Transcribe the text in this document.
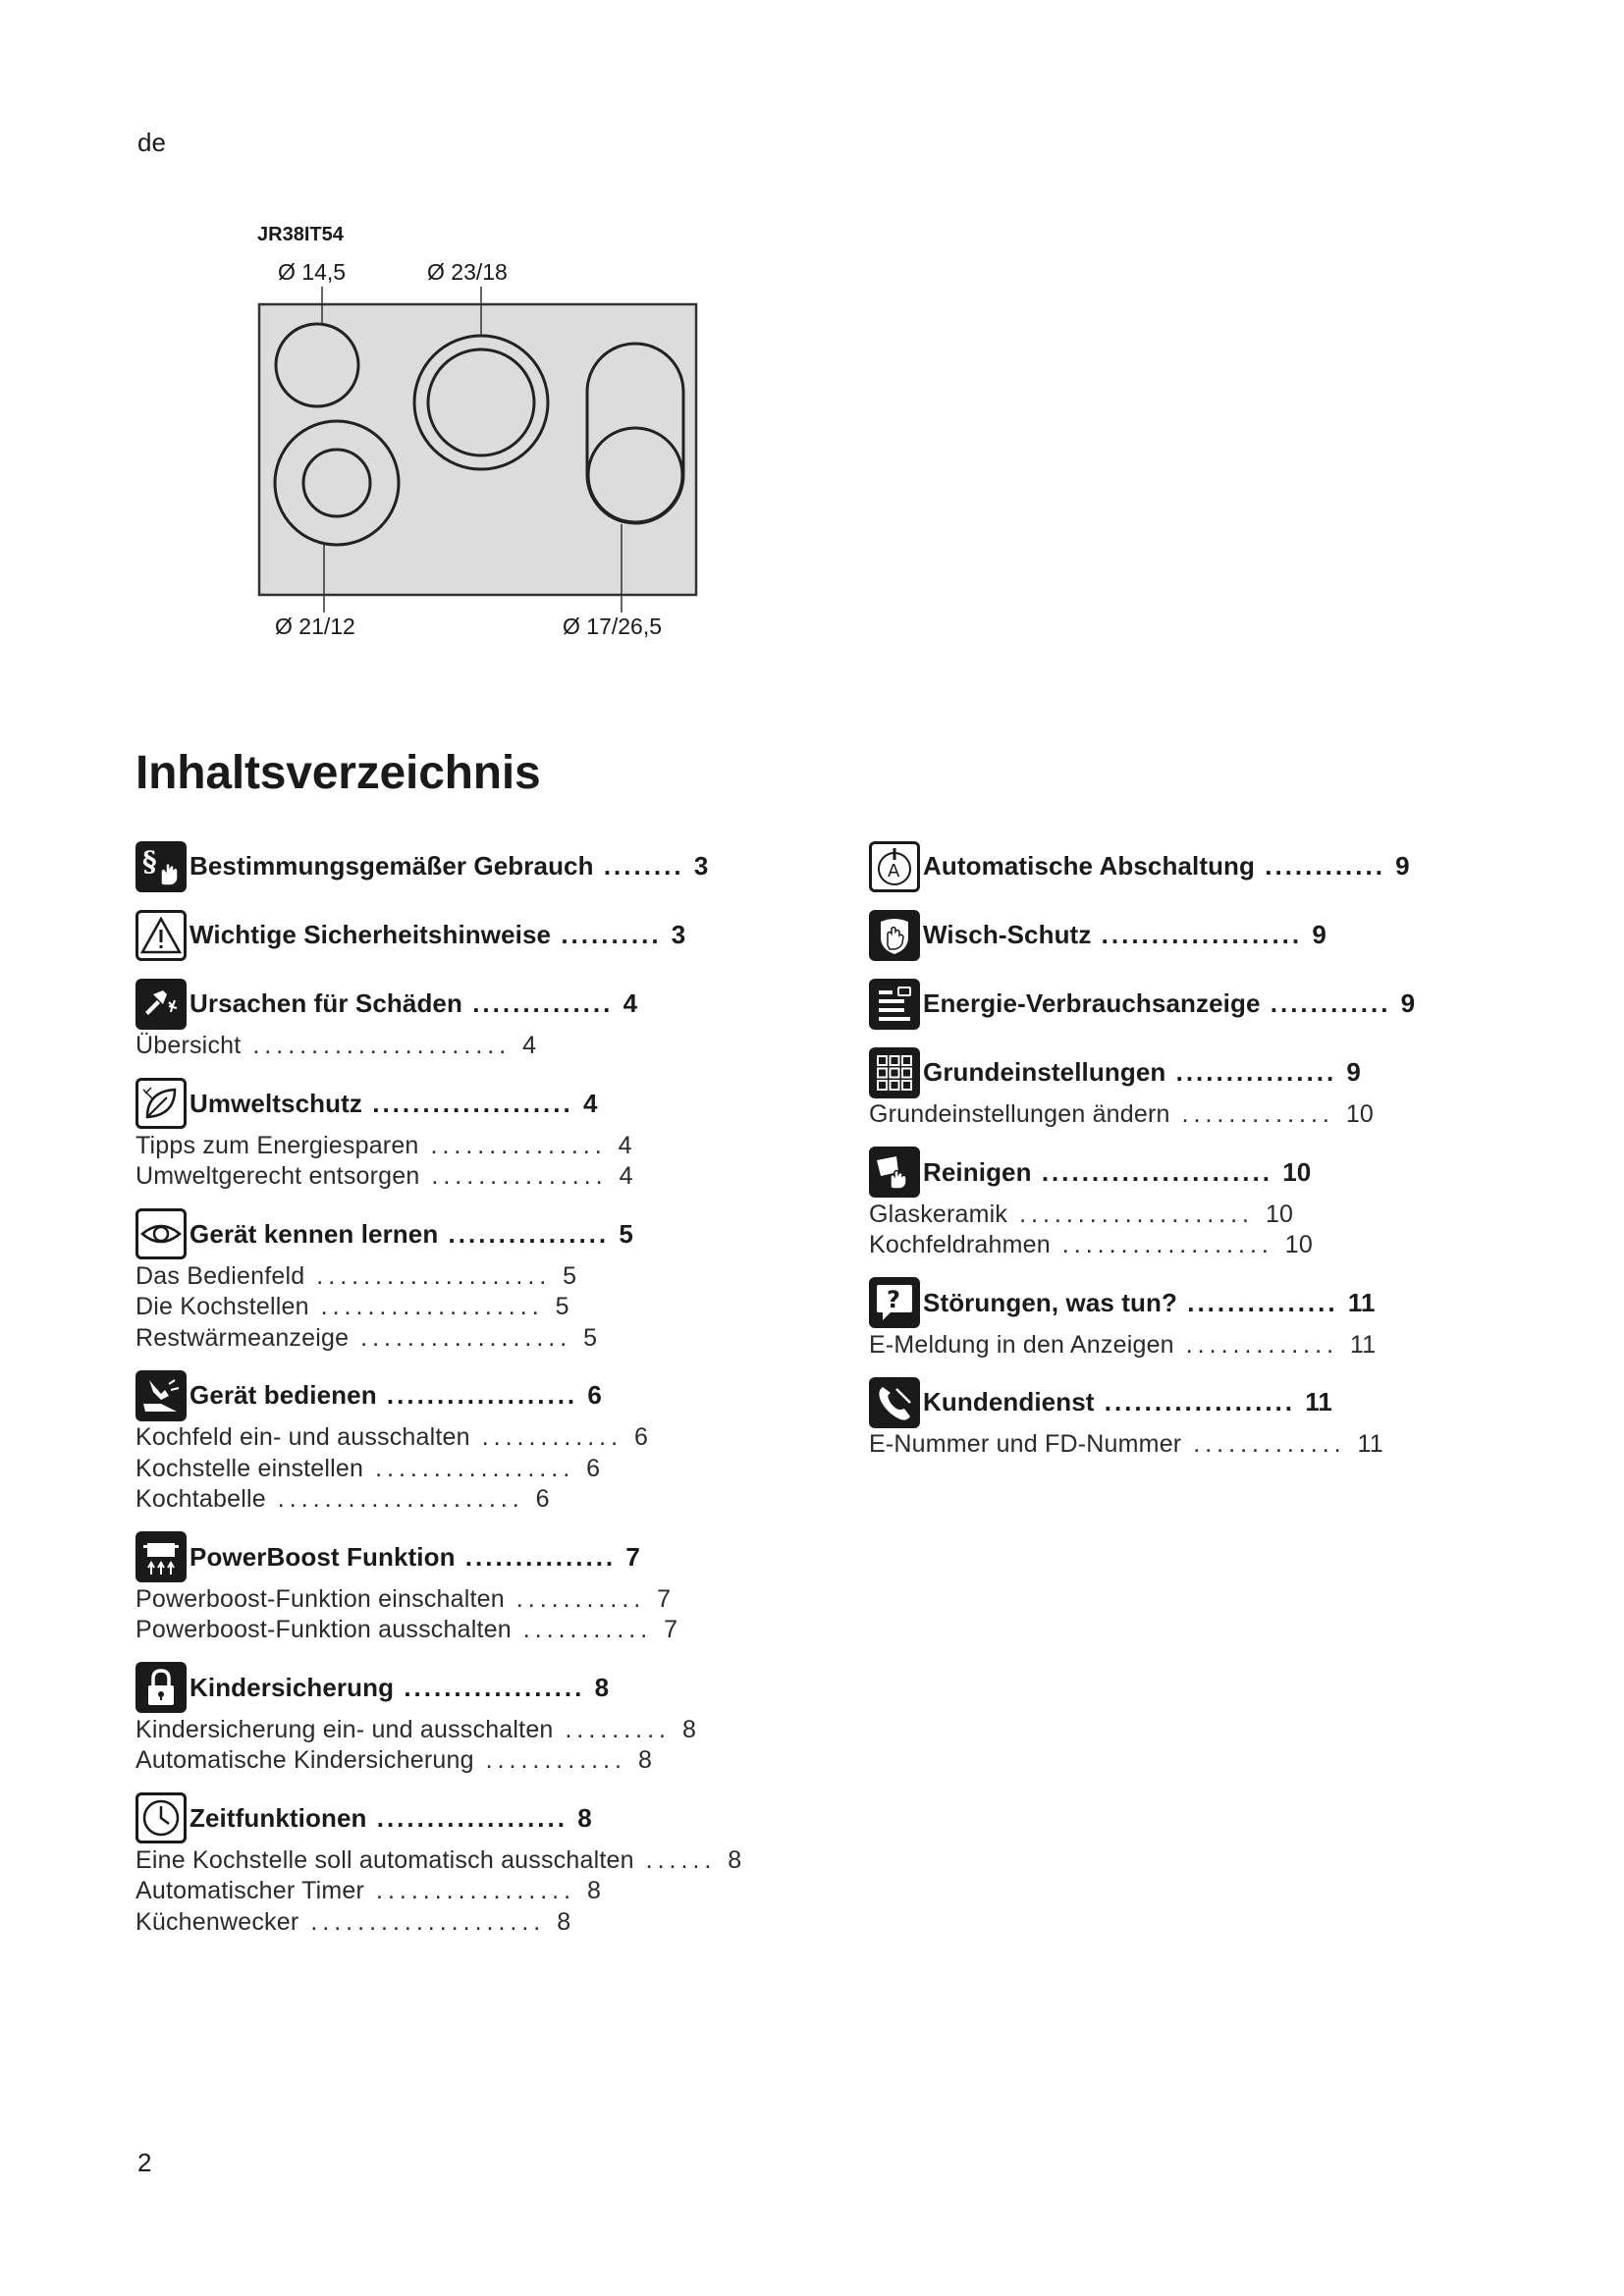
de
JR38IT54
Ø 14,5	Ø 23/18
Ø 21/12	Ø 17/26,5
Inhaltsverzeichnis
§ Bestimmungsgemäßer Gebrauch ........ 3
Wichtige Sicherheitshinweise .......... 3
Ursachen für Schäden .............. 4
Übersicht ...................... 4
Umweltschutz .................... 4
Tipps zum Energiesparen ............... 4
Umweltgerecht entsorgen ............... 4
Gerät kennen lernen ................ 5
Das Bedienfeld .................... 5
Die Kochstellen ................... 5
Restwärmeanzeige .................. 5
Gerät bedienen ................... 6
Kochfeld ein- und ausschalten ............ 6
Kochstelle einstellen ................. 6
Kochtabelle ..................... 6
PowerBoost Funktion ............... 7
Powerboost-Funktion einschalten ........... 7
Powerboost-Funktion ausschalten ........... 7
Kindersicherung .................. 8
Kindersicherung ein- und ausschalten ......... 8
Automatische Kindersicherung ............ 8
Zeitfunktionen ................... 8
Eine Kochstelle soll automatisch ausschalten ...... 8
Automatischer Timer ................. 8
Küchenwecker .................... 8
A Automatische Abschaltung ............ 9
Wisch-Schutz .................... 9
Energie-Verbrauchsanzeige ............ 9
Grundeinstellungen ................ 9
Grundeinstellungen ändern ............. 10
Reinigen ....................... 10
Glaskeramik .................... 10
Kochfeldrahmen .................. 10
? Störungen, was tun? ............... 11
E-Meldung in den Anzeigen ............. 11
Kundendienst ................... 11
E-Nummer und FD-Nummer ............. 11
2
